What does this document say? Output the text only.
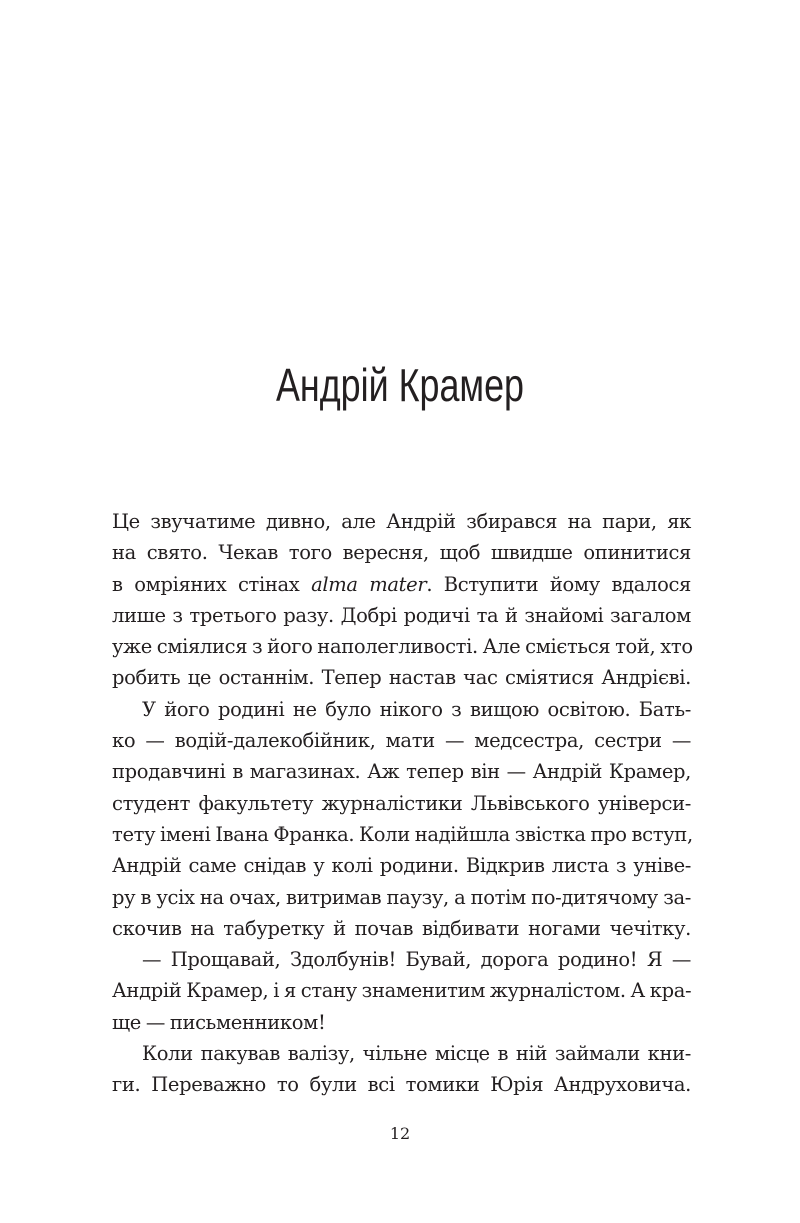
Андрій Крамер
Це звучатиме дивно, але Андрій збирався на пари, як
на свято. Чекав того вересня, щоб швидше опинитися
в омріяних стінах alma mater. Вступити йому вдалося
лише з третього разу. Добрі родичі та й знайомі загалом
уже сміялися з його наполегливості. Але сміється той, хто
робить це останнім. Тепер настав час сміятися Андрієві.
У його родині не було нікого з вищою освітою. Бать-
ко — водій-далекобійник, мати — медсестра, сестри —
продавчині в магазинах. Аж тепер він — Андрій Крамер,
студент факультету журналістики Львівського універси-
тету імені Івана Франка. Коли надійшла звістка про вступ,
Андрій саме снідав у колі родини. Відкрив листа з уніве-
ру в усіх на очах, витримав паузу, а потім по-дитячому за-
скочив на табуретку й почав відбивати ногами чечітку.
— Прощавай, Здолбунів! Бувай, дорога родино! Я —
Андрій Крамер, і я стану знаменитим журналістом. А кра-
ще — письменником!
Коли пакував валізу, чільне місце в ній займали кни-
ги. Переважно то були всі томики Юрія Андруховича.
12
